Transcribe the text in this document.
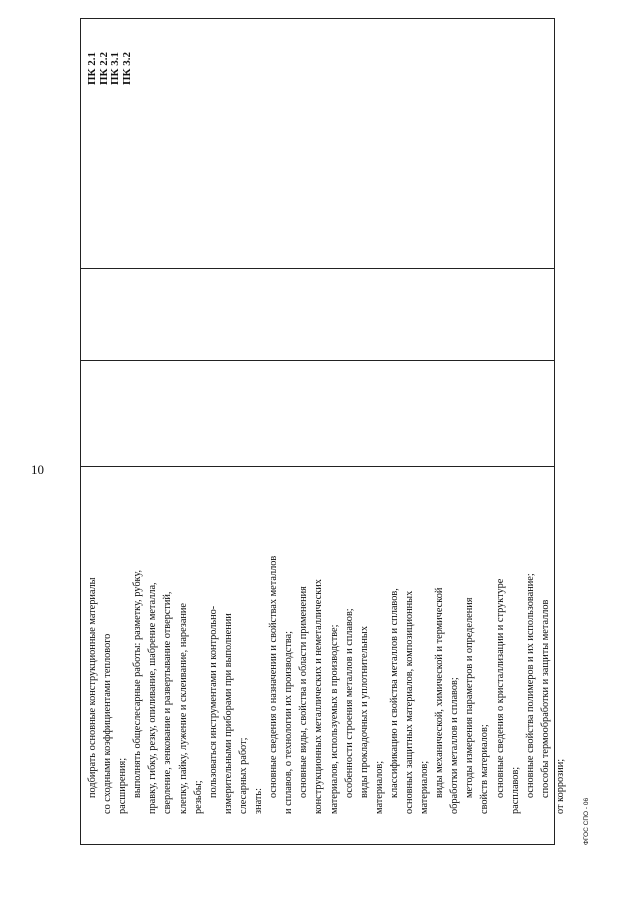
10
ПК 2.1 ПК 2.2 ПК 3.1 ПК 3.2
подбирать основные конструкционные материалы со сходными коэффициентами теплового расширения; выполнять общеслесарные работы: разметку, рубку, правку, гибку, резку, опиливание, шабрение металла, сверление, зенкование и развертывание отверстий, клепку, пайку, лужение и склеивание, нарезание резьбы; пользоваться инструментами и контрольно- измерительными приборами при выполнении слесарных работ; знать:
основные сведения о назначении и свойствах металлов и сплавов, о технологии их производства; основные виды, свойства и области применения конструкционных металлических и неметаллических материалов, используемых в производстве; особенности строения металлов и сплавов; виды прокладочных и уплотнительных материалов; классификацию и свойства металлов и сплавов, основных защитных материалов, композиционных материалов; виды механической, химической и термической обработки металлов и сплавов; методы измерения параметров и определения свойств материалов; основные сведения о кристаллизации и структуре расплавов; основные свойства полимеров и их использование; способы термообработки и защиты металлов от коррозии;
ФГОС СПО - 06
